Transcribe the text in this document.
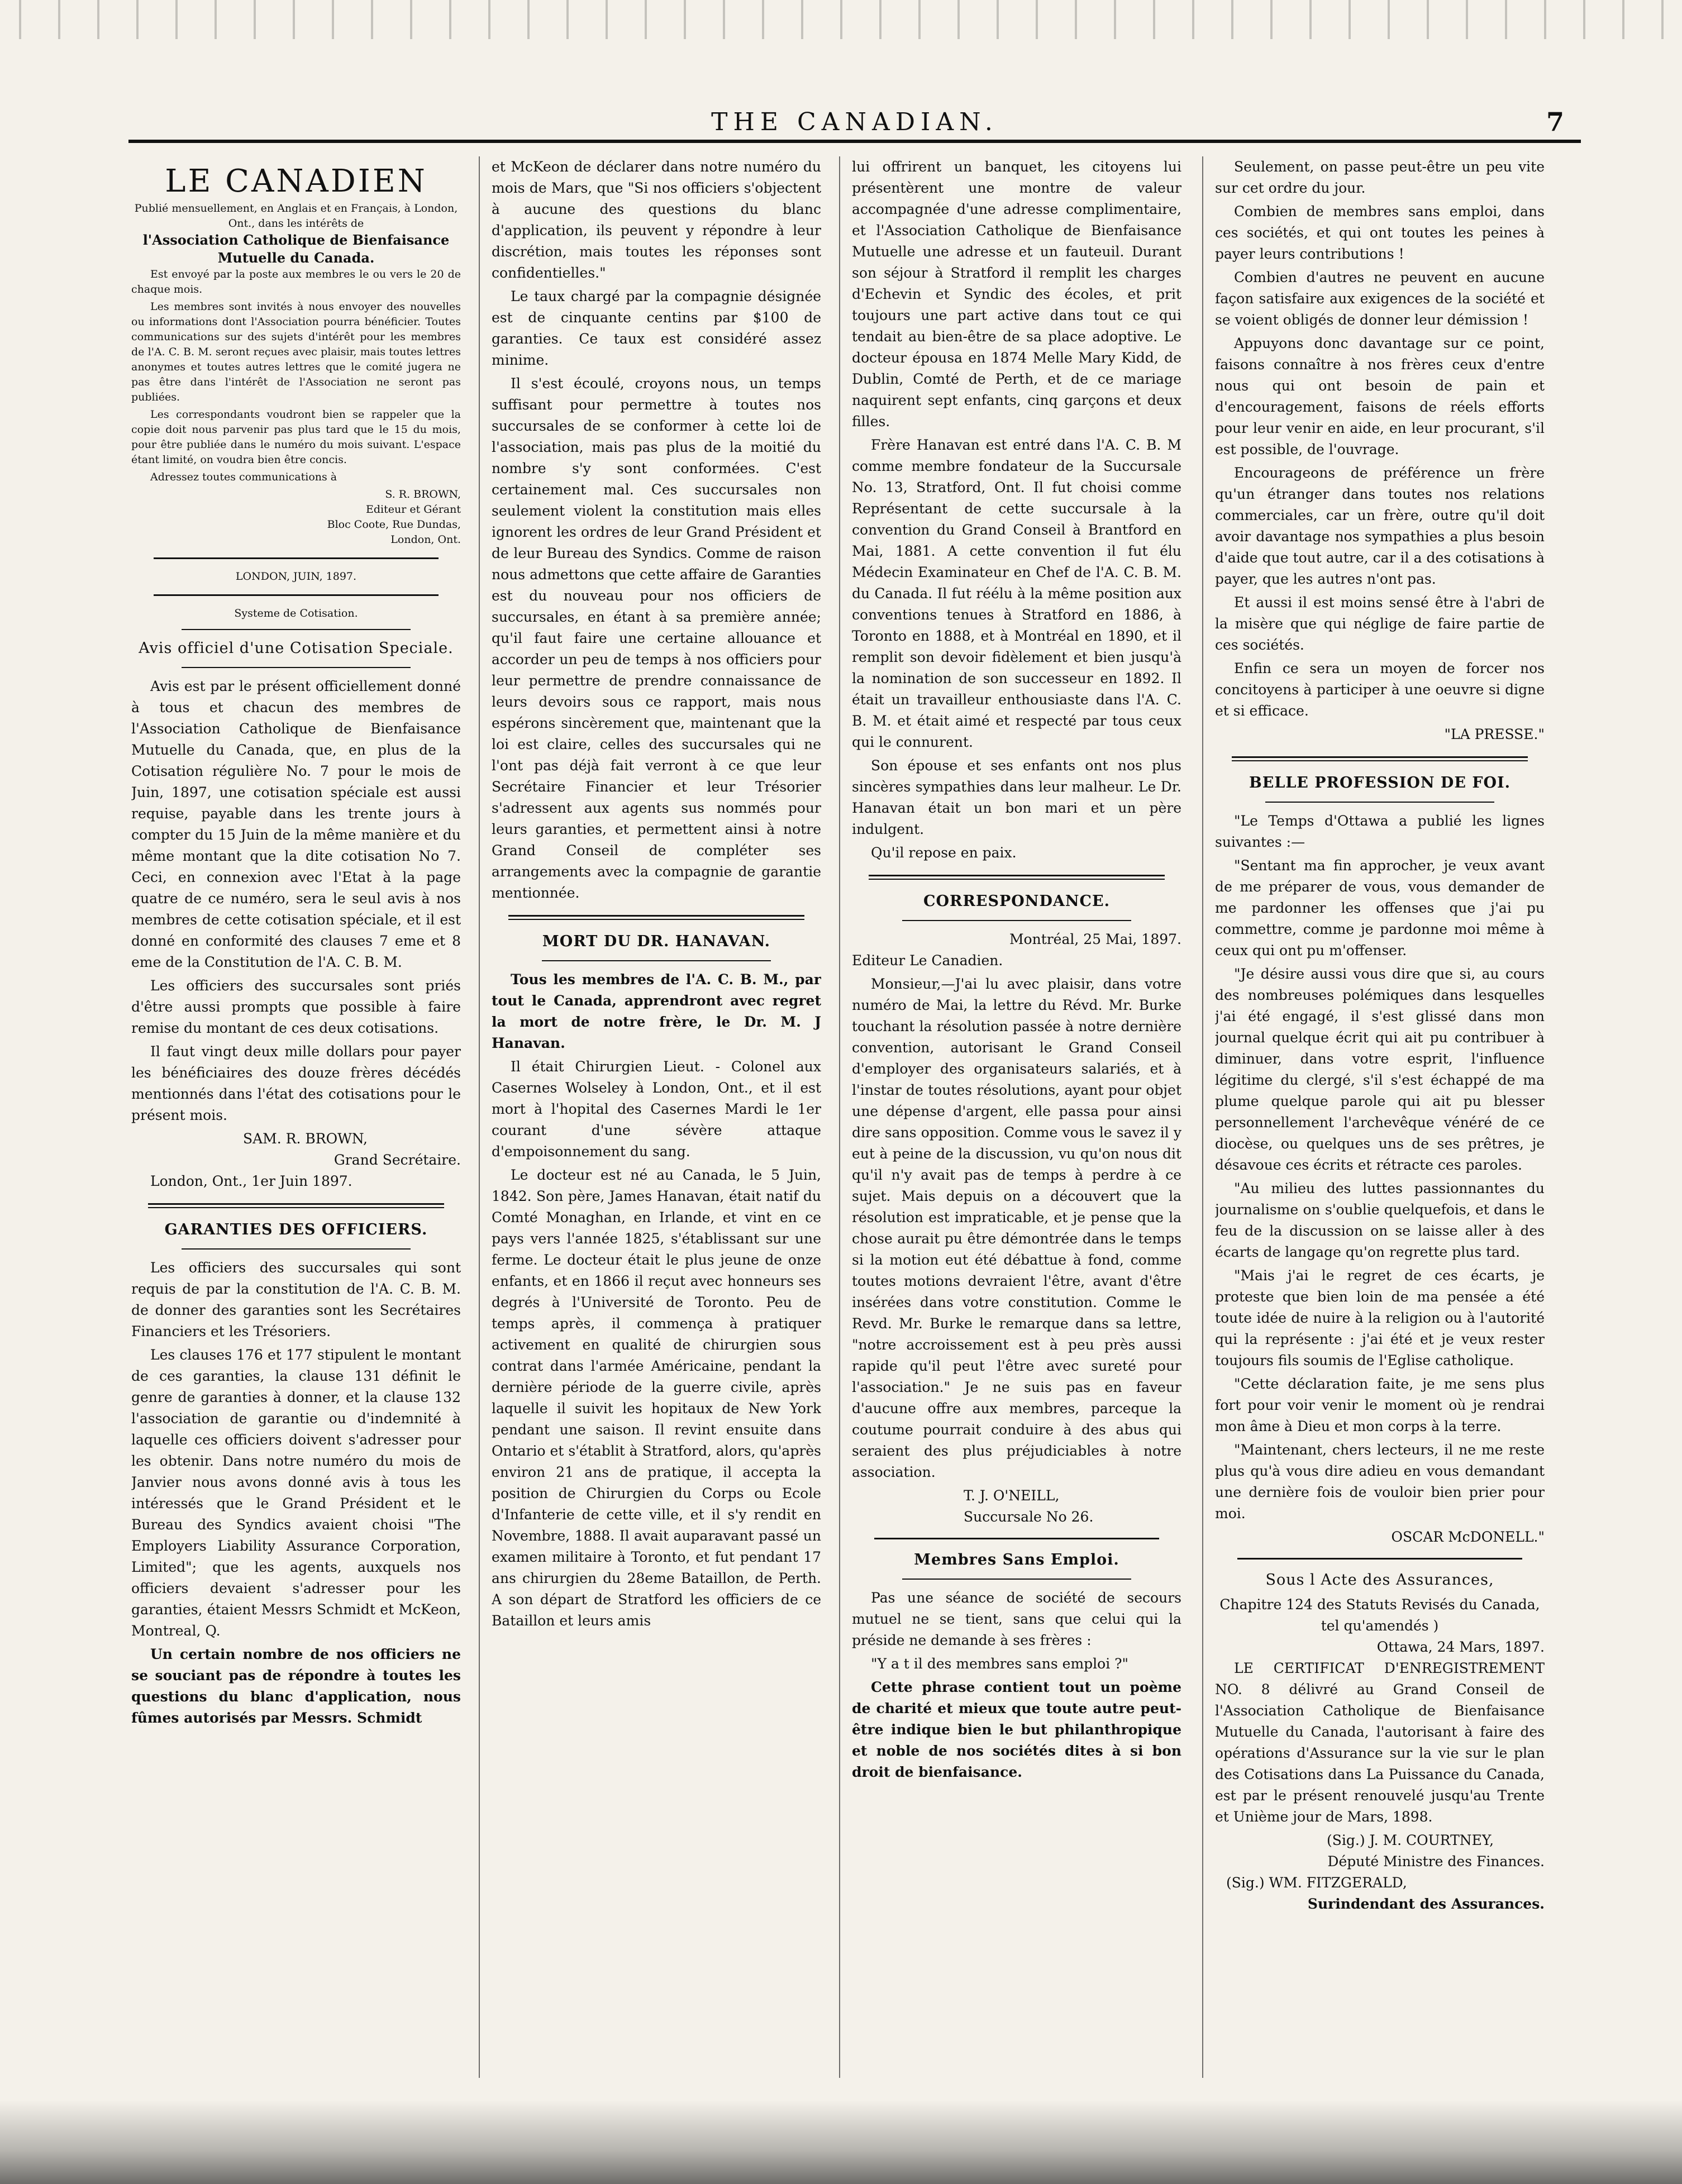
THE CANADIAN.	7
LE CANADIEN
Publié mensuellement, en Anglais et en Français, à London, Ont., dans les intérêts de
l'Association Catholique de Bienfaisance Mutuelle du Canada.

Est envoyé par la poste aux membres le ou vers le 20 de chaque mois.

Les membres sont invités à nous envoyer des nouvelles ou informations dont l'Association pourra bénéficier. Toutes communications sur des sujets d'intérêt pour les membres de l'A. C. B. M. seront reçues avec plaisir, mais toutes lettres anonymes et toutes autres lettres que le comité jugera ne pas être dans l'intérêt de l'Association ne seront pas publiées.

Les correspondants voudront bien se rappeler que la copie doit nous parvenir pas plus tard que le 15 du mois, pour être publiée dans le numéro du mois suivant. L'espace étant limité, on voudra bien être concis.

Adressez toutes communications à

S. R. BROWN,
Editeur et Gérant
Bloc Coote, Rue Dundas,
London, Ont.
LONDON, JUIN, 1897.
Systeme de Cotisation.
Avis officiel d'une Cotisation Speciale.

Avis est par le présent officiellement donné à tous et chacun des membres de l'Association Catholique de Bienfaisance Mutuelle du Canada, que, en plus de la Cotisation régulière No. 7 pour le mois de Juin, 1897, une cotisation spéciale est aussi requise, payable dans les trente jours à compter du 15 Juin de la même manière et du même montant que la dite cotisation No 7. Ceci, en connexion avec l'Etat à la page quatre de ce numéro, sera le seul avis à nos membres de cette cotisation spéciale, et il est donné en conformité des clauses 7 eme et 8 eme de la Constitution de l'A. C. B. M.

Les officiers des succursales sont priés d'être aussi prompts que possible à faire remise du montant de ces deux cotisations.

Il faut vingt deux mille dollars pour payer les bénéficiaires des douze frères décédés mentionnés dans l'état des cotisations pour le présent mois.

SAM. R. BROWN,
Grand Secrétaire.

London, Ont., 1er Juin 1897.

GARANTIES DES OFFICIERS.

Les officiers des succursales qui sont requis de par la constitution de l'A. C. B. M. de donner des garanties sont les Secrétaires Financiers et les Trésoriers.

Les clauses 176 et 177 stipulent le montant de ces garanties, la clause 131 définit le genre de garanties à donner, et la clause 132 l'association de garantie ou d'indemnité à laquelle ces officiers doivent s'adresser pour les obtenir. Dans notre numéro du mois de Janvier nous avons donné avis à tous les intéressés que le Grand Président et le Bureau des Syndics avaient choisi "The Employers Liability Assurance Corporation, Limited"; que les agents, auxquels nos officiers devaient s'adresser pour les garanties, étaient Messrs Schmidt et McKeon, Montreal, Q.

Un certain nombre de nos officiers ne se souciant pas de répondre à toutes les questions du blanc d'application, nous fûmes autorisés par Messrs. Schmidt

et McKeon de déclarer dans notre numéro du mois de Mars, que "Si nos officiers s'objectent à aucune des questions du blanc d'application, ils peuvent y répondre à leur discrétion, mais toutes les réponses sont confidentielles."

Le taux chargé par la compagnie désignée est de cinquante centins par $100 de garanties. Ce taux est considéré assez minime.

Il s'est écoulé, croyons nous, un temps suffisant pour permettre à toutes nos succursales de se conformer à cette loi de l'association, mais pas plus de la moitié du nombre s'y sont conformées. C'est certainement mal. Ces succursales non seulement violent la constitution mais elles ignorent les ordres de leur Grand Président et de leur Bureau des Syndics. Comme de raison nous admettons que cette affaire de Garanties est du nouveau pour nos officiers de succursales, en étant à sa première année; qu'il faut faire une certaine allouance et accorder un peu de temps à nos officiers pour leur permettre de prendre connaissance de leurs devoirs sous ce rapport, mais nous espérons sincèrement que, maintenant que la loi est claire, celles des succursales qui ne l'ont pas déjà fait verront à ce que leur Secrétaire Financier et leur Trésorier s'adressent aux agents sus nommés pour leurs garanties, et permettent ainsi à notre Grand Conseil de compléter ses arrangements avec la compagnie de garantie mentionnée.

MORT DU DR. HANAVAN.

Tous les membres de l'A. C. B. M., par tout le Canada, apprendront avec regret la mort de notre frère, le Dr. M. J Hanavan.

Il était Chirurgien Lieut. - Colonel aux Casernes Wolseley à London, Ont., et il est mort à l'hopital des Casernes Mardi le 1er courant d'une sévère attaque d'empoisonnement du sang.

Le docteur est né au Canada, le 5 Juin, 1842. Son père, James Hanavan, était natif du Comté Monaghan, en Irlande, et vint en ce pays vers l'année 1825, s'établissant sur une ferme. Le docteur était le plus jeune de onze enfants, et en 1866 il reçut avec honneurs ses degrés à l'Université de Toronto. Peu de temps après, il commença à pratiquer activement en qualité de chirurgien sous contrat dans l'armée Américaine, pendant la dernière période de la guerre civile, après laquelle il suivit les hopitaux de New York pendant une saison. Il revint ensuite dans Ontario et s'établit à Stratford, alors, qu'après environ 21 ans de pratique, il accepta la position de Chirurgien du Corps ou Ecole d'Infanterie de cette ville, et il s'y rendit en Novembre, 1888. Il avait auparavant passé un examen militaire à Toronto, et fut pendant 17 ans chirurgien du 28eme Bataillon, de Perth. A son départ de Stratford les officiers de ce Bataillon et leurs amis

lui offrirent un banquet, les citoyens lui présentèrent une montre de valeur accompagnée d'une adresse complimentaire, et l'Association Catholique de Bienfaisance Mutuelle une adresse et un fauteuil. Durant son séjour à Stratford il remplit les charges d'Echevin et Syndic des écoles, et prit toujours une part active dans tout ce qui tendait au bien-être de sa place adoptive. Le docteur épousa en 1874 Melle Mary Kidd, de Dublin, Comté de Perth, et de ce mariage naquirent sept enfants, cinq garçons et deux filles.

Frère Hanavan est entré dans l'A. C. B. M comme membre fondateur de la Succursale No. 13, Stratford, Ont. Il fut choisi comme Représentant de cette succursale à la convention du Grand Conseil à Brantford en Mai, 1881. A cette convention il fut élu Médecin Examinateur en Chef de l'A. C. B. M. du Canada. Il fut réélu à la même position aux conventions tenues à Stratford en 1886, à Toronto en 1888, et à Montréal en 1890, et il remplit son devoir fidèlement et bien jusqu'à la nomination de son successeur en 1892. Il était un travailleur enthousiaste dans l'A. C. B. M. et était aimé et respecté par tous ceux qui le connurent.

Son épouse et ses enfants ont nos plus sincères sympathies dans leur malheur. Le Dr. Hanavan était un bon mari et un père indulgent.

Qu'il repose en paix.

CORRESPONDANCE.
Montréal, 25 Mai, 1897.

Editeur Le Canadien.

Monsieur,—J'ai lu avec plaisir, dans votre numéro de Mai, la lettre du Révd. Mr. Burke touchant la résolution passée à notre dernière convention, autorisant le Grand Conseil d'employer des organisateurs salariés, et à l'instar de toutes résolutions, ayant pour objet une dépense d'argent, elle passa pour ainsi dire sans opposition. Comme vous le savez il y eut à peine de la discussion, vu qu'on nous dit qu'il n'y avait pas de temps à perdre à ce sujet. Mais depuis on a découvert que la résolution est impraticable, et je pense que la chose aurait pu être démontrée dans le temps si la motion eut été débattue à fond, comme toutes motions devraient l'être, avant d'être insérées dans votre constitution. Comme le Revd. Mr. Burke le remarque dans sa lettre, "notre accroissement est à peu près aussi rapide qu'il peut l'être avec sureté pour l'association." Je ne suis pas en faveur d'aucune offre aux membres, parceque la coutume pourrait conduire à des abus qui seraient des plus préjudiciables à notre association.

T. J. O'NEILL,
Succursale No 26.
Membres Sans Emploi.

Pas une séance de société de secours mutuel ne se tient, sans que celui qui la préside ne demande à ses frères :

"Y a t il des membres sans emploi ?"

Cette phrase contient tout un poème de charité et mieux que toute autre peut-être indique bien le but philanthropique et noble de nos sociétés dites à si bon droit de bienfaisance.

Seulement, on passe peut-être un peu vite sur cet ordre du jour.

Combien de membres sans emploi, dans ces sociétés, et qui ont toutes les peines à payer leurs contributions !

Combien d'autres ne peuvent en aucune façon satisfaire aux exigences de la société et se voient obligés de donner leur démission !

Appuyons donc davantage sur ce point, faisons connaître à nos frères ceux d'entre nous qui ont besoin de pain et d'encouragement, faisons de réels efforts pour leur venir en aide, en leur procurant, s'il est possible, de l'ouvrage.

Encourageons de préférence un frère qu'un étranger dans toutes nos relations commerciales, car un frère, outre qu'il doit avoir davantage nos sympathies a plus besoin d'aide que tout autre, car il a des cotisations à payer, que les autres n'ont pas.

Et aussi il est moins sensé être à l'abri de la misère que qui néglige de faire partie de ces sociétés.

Enfin ce sera un moyen de forcer nos concitoyens à participer à une oeuvre si digne et si efficace.

"LA PRESSE."
BELLE PROFESSION DE FOI.

"Le Temps d'Ottawa a publié les lignes suivantes :—

"Sentant ma fin approcher, je veux avant de me préparer de vous, vous demander de me pardonner les offenses que j'ai pu commettre, comme je pardonne moi même à ceux qui ont pu m'offenser.

"Je désire aussi vous dire que si, au cours des nombreuses polémiques dans lesquelles j'ai été engagé, il s'est glissé dans mon journal quelque écrit qui ait pu contribuer à diminuer, dans votre esprit, l'influence légitime du clergé, s'il s'est échappé de ma plume quelque parole qui ait pu blesser personnellement l'archevêque vénéré de ce diocèse, ou quelques uns de ses prêtres, je désavoue ces écrits et rétracte ces paroles.

"Au milieu des luttes passionnantes du journalisme on s'oublie quelquefois, et dans le feu de la discussion on se laisse aller à des écarts de langage qu'on regrette plus tard.

"Mais j'ai le regret de ces écarts, je proteste que bien loin de ma pensée a été toute idée de nuire à la religion ou à l'autorité qui la représente : j'ai été et je veux rester toujours fils soumis de l'Eglise catholique.

"Cette déclaration faite, je me sens plus fort pour voir venir le moment où je rendrai mon âme à Dieu et mon corps à la terre.

"Maintenant, chers lecteurs, il ne me reste plus qu'à vous dire adieu en vous demandant une dernière fois de vouloir bien prier pour moi.

OSCAR McDONELL."
Sous l Acte des Assurances,
Chapitre 124 des Statuts Revisés du Canada, tel qu'amendés )
Ottawa, 24 Mars, 1897.

LE CERTIFICAT D'ENREGISTREMENT NO. 8 délivré au Grand Conseil de l'Association Catholique de Bienfaisance Mutuelle du Canada, l'autorisant à faire des opérations d'Assurance sur la vie sur le plan des Cotisations dans La Puissance du Canada, est par le présent renouvelé jusqu'au Trente et Unième jour de Mars, 1898.

(Sig.) J. M. COURTNEY,
Député Ministre des Finances.
(Sig.) WM. FITZGERALD,
Surindendant des Assurances.
